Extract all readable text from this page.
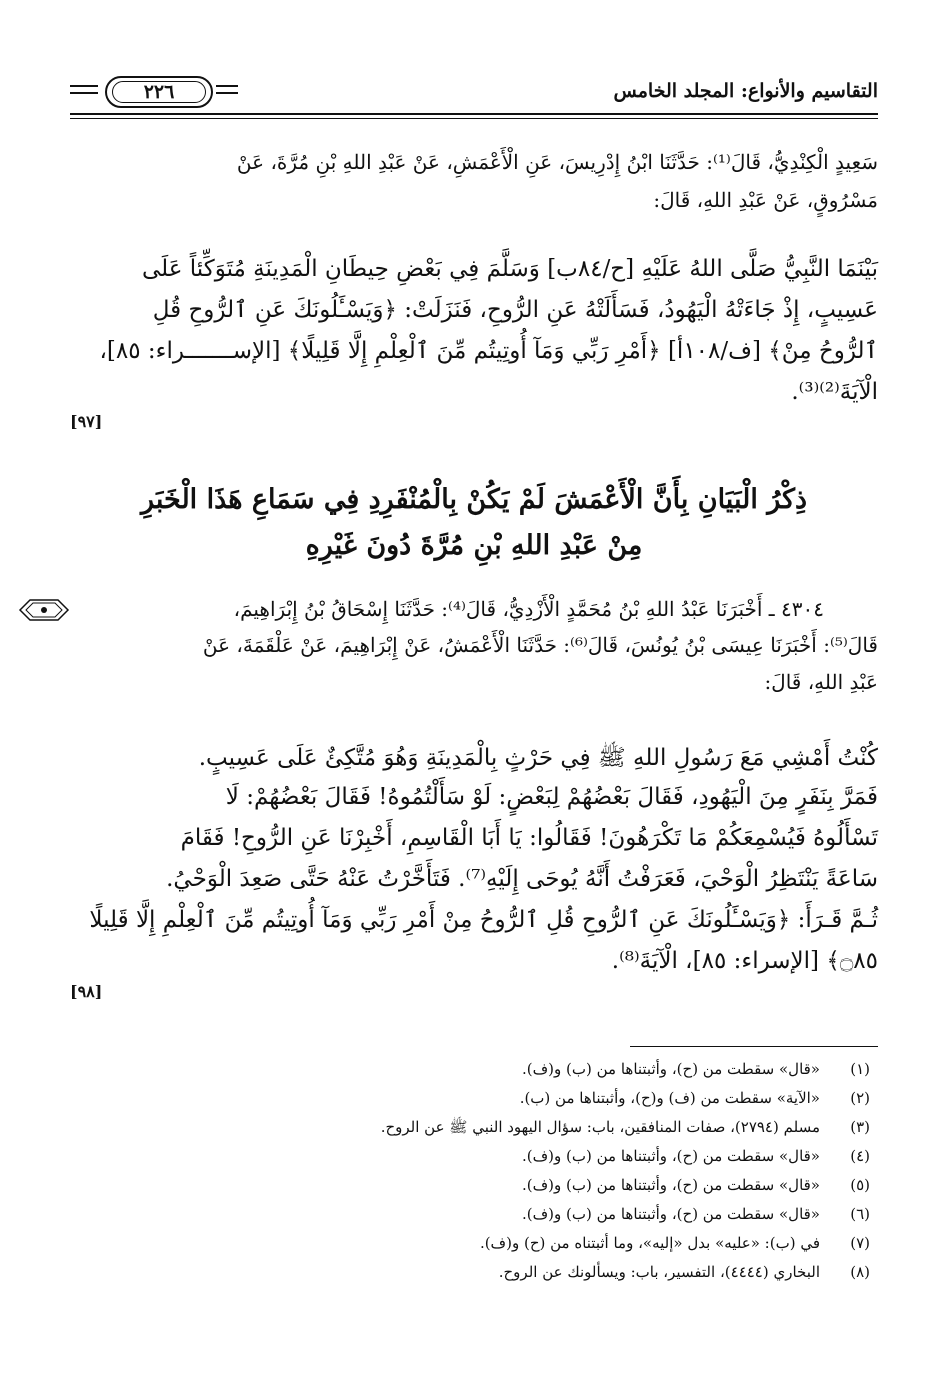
التقاسيم والأنواع: المجلد الخامس
٢٢٦
سَعِيدٍ الْكِنْدِيُّ، قَالَ⁽¹⁾: حَدَّثَنَا ابْنُ إِدْرِيسَ، عَنِ الْأَعْمَشِ، عَنْ عَبْدِ اللهِ بْنِ مُرَّةَ، عَنْ
مَسْرُوقٍ، عَنْ عَبْدِ اللهِ، قَالَ:
بَيْنَمَا النَّبِيُّ صَلَّى اللهُ عَلَيْهِ [ح/٨٤ب] وَسَلَّمَ فِي بَعْضِ حِيطَانِ الْمَدِينَةِ مُتَوَكِّئاً عَلَى
عَسِيبٍ، إِذْ جَاءَتْهُ الْيَهُودُ، فَسَأَلَتْهُ عَنِ الرُّوحِ، فَنَزَلَتْ: ﴿وَيَسْـَٔلُونَكَ عَنِ ٱلرُّوحِ قُلِ
ٱلرُّوحُ مِنْ﴾ [ف/١٠٨أ] ﴿أَمْرِ رَبِّي وَمَآ أُوتِيتُم مِّنَ ٱلْعِلْمِ إِلَّا قَلِيلًا﴾ [الإســـــــراء: ٨٥]،
الْآيَةَ⁽²⁾⁽³⁾.
[٩٧]
ذِكْرُ الْبَيَانِ بِأَنَّ الْأَعْمَشَ لَمْ يَكُنْ بِالْمُنْفَرِدِ فِي سَمَاعِ هَذَا الْخَبَرِ
مِنْ عَبْدِ اللهِ بْنِ مُرَّةَ دُونَ غَيْرِهِ
٤٣٠٤ ـ أَخْبَرَنَا عَبْدُ اللهِ بْنُ مُحَمَّدٍ الْأَزْدِيُّ، قَالَ⁽⁴⁾: حَدَّثَنَا إِسْحَاقُ بْنُ إِبْرَاهِيمَ،
قَالَ⁽⁵⁾: أَخْبَرَنَا عِيسَى بْنُ يُونُسَ، قَالَ⁽⁶⁾: حَدَّثَنَا الْأَعْمَشُ، عَنْ إِبْرَاهِيمَ، عَنْ عَلْقَمَةَ، عَنْ
عَبْدِ اللهِ، قَالَ:
كُنْتُ أَمْشِي مَعَ رَسُولِ اللهِ ﷺ فِي حَرْثٍ بِالْمَدِينَةِ وَهُوَ مُتَّكِئٌ عَلَى عَسِيبٍ.
فَمَرَّ بِنَفَرٍ مِنَ الْيَهُودِ، فَقَالَ بَعْضُهُمْ لِبَعْضٍ: لَوْ سَأَلْتُمُوهُ! فَقَالَ بَعْضُهُمْ: لَا
تَسْأَلُوهُ فَيُسْمِعَكُمْ مَا تَكْرَهُونَ! فَقَالُوا: يَا أَبَا الْقَاسِمِ، أَخْبِرْنَا عَنِ الرُّوحِ! فَقَامَ
سَاعَةً يَنْتَظِرُ الْوَحْيَ، فَعَرَفْتُ أَنَّهُ يُوحَى إِلَيْهِ⁽⁷⁾. فَتَأَخَّرْتُ عَنْهُ حَتَّى صَعِدَ الْوَحْيُ.
ثُـمَّ قَـرَأَ: ﴿وَيَسْـَٔلُونَكَ عَنِ ٱلرُّوحِ قُلِ ٱلرُّوحُ مِنْ أَمْرِ رَبِّي وَمَآ أُوتِيتُم مِّنَ ٱلْعِلْمِ إِلَّا قَلِيلًا
۝٨٥﴾ [الإسراء: ٨٥]، الْآيَةَ⁽⁸⁾.
[٩٨]
(١)
«قال» سقطت من (ح)، وأثبتناها من (ب) و(ف).
(٢)
«الآية» سقطت من (ف) و(ح)، وأثبتناها من (ب).
(٣)
مسلم (٢٧٩٤)، صفات المنافقين، باب: سؤال اليهود النبي ﷺ عن الروح.
(٤)
«قال» سقطت من (ح)، وأثبتناها من (ب) و(ف).
(٥)
«قال» سقطت من (ح)، وأثبتناها من (ب) و(ف).
(٦)
«قال» سقطت من (ح)، وأثبتناها من (ب) و(ف).
(٧)
في (ب): «عليه» بدل «إليه»، وما أثبتناه من (ح) و(ف).
(٨)
البخاري (٤٤٤٤)، التفسير، باب: ويسألونك عن الروح.
